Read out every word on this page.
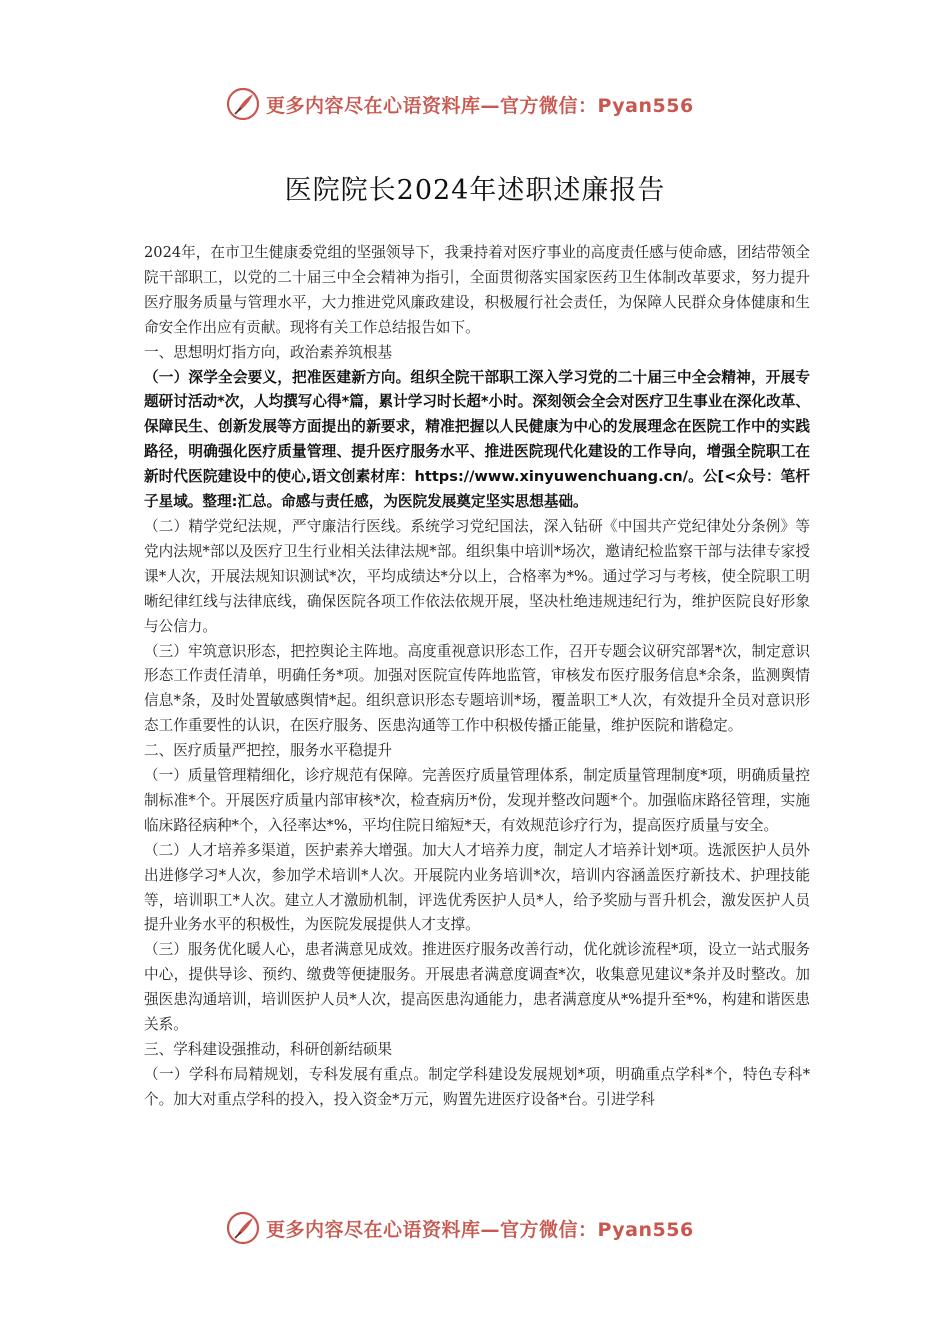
更多内容尽在心语资料库—官方微信：Pyan556
医院院长2024年述职述廉报告

2024年，在市卫生健康委党组的坚强领导下，我秉持着对医疗事业的高度责任感与使命感，团结带领全院干部职工，以党的二十届三中全会精神为指引，全面贯彻落实国家医药卫生体制改革要求，努力提升医疗服务质量与管理水平，大力推进党风廉政建设，积极履行社会责任，为保障人民群众身体健康和生命安全作出应有贡献。现将有关工作总结报告如下。

一、思想明灯指方向，政治素养筑根基

（一）深学全会要义，把准医建新方向。组织全院干部职工深入学习党的二十届三中全会精神，开展专题研讨活动*次，人均撰写心得*篇，累计学习时长超*小时。深刻领会全会对医疗卫生事业在深化改革、保障民生、创新发展等方面提出的新要求，精准把握以人民健康为中心的发展理念在医院工作中的实践路径，明确强化医疗质量管理、提升医疗服务水平、推进医院现代化建设的工作导向，增强全院职工在新时代医院建设中的使心,语文创素材库：https://www.xinyuwenchuang.cn/。公[<众号：笔杆子星域。整理:汇总。命感与责任感，为医院发展奠定坚实思想基础。

（二）精学党纪法规，严守廉洁行医线。系统学习党纪国法，深入钻研《中国共产党纪律处分条例》等党内法规*部以及医疗卫生行业相关法律法规*部。组织集中培训*场次，邀请纪检监察干部与法律专家授课*人次，开展法规知识测试*次，平均成绩达*分以上，合格率为*%。通过学习与考核，使全院职工明晰纪律红线与法律底线，确保医院各项工作依法依规开展，坚决杜绝违规违纪行为，维护医院良好形象与公信力。

（三）牢筑意识形态，把控舆论主阵地。高度重视意识形态工作，召开专题会议研究部署*次，制定意识形态工作责任清单，明确任务*项。加强对医院宣传阵地监管，审核发布医疗服务信息*余条，监测舆情信息*条，及时处置敏感舆情*起。组织意识形态专题培训*场，覆盖职工*人次，有效提升全员对意识形态工作重要性的认识，在医疗服务、医患沟通等工作中积极传播正能量，维护医院和谐稳定。

二、医疗质量严把控，服务水平稳提升

（一）质量管理精细化，诊疗规范有保障。完善医疗质量管理体系，制定质量管理制度*项，明确质量控制标准*个。开展医疗质量内部审核*次，检查病历*份，发现并整改问题*个。加强临床路径管理，实施临床路径病种*个，入径率达*%，平均住院日缩短*天，有效规范诊疗行为，提高医疗质量与安全。

（二）人才培养多渠道，医护素养大增强。加大人才培养力度，制定人才培养计划*项。选派医护人员外出进修学习*人次，参加学术培训*人次。开展院内业务培训*次，培训内容涵盖医疗新技术、护理技能等，培训职工*人次。建立人才激励机制，评选优秀医护人员*人，给予奖励与晋升机会，激发医护人员提升业务水平的积极性，为医院发展提供人才支撑。

（三）服务优化暖人心，患者满意见成效。推进医疗服务改善行动，优化就诊流程*项，设立一站式服务中心，提供导诊、预约、缴费等便捷服务。开展患者满意度调查*次，收集意见建议*条并及时整改。加强医患沟通培训，培训医护人员*人次，提高医患沟通能力，患者满意度从*%提升至*%，构建和谐医患关系。

三、学科建设强推动，科研创新结硕果

（一）学科布局精规划，专科发展有重点。制定学科建设发展规划*项，明确重点学科*个，特色专科*个。加大对重点学科的投入，投入资金*万元，购置先进医疗设备*台。引进学科

更多内容尽在心语资料库—官方微信：Pyan556
